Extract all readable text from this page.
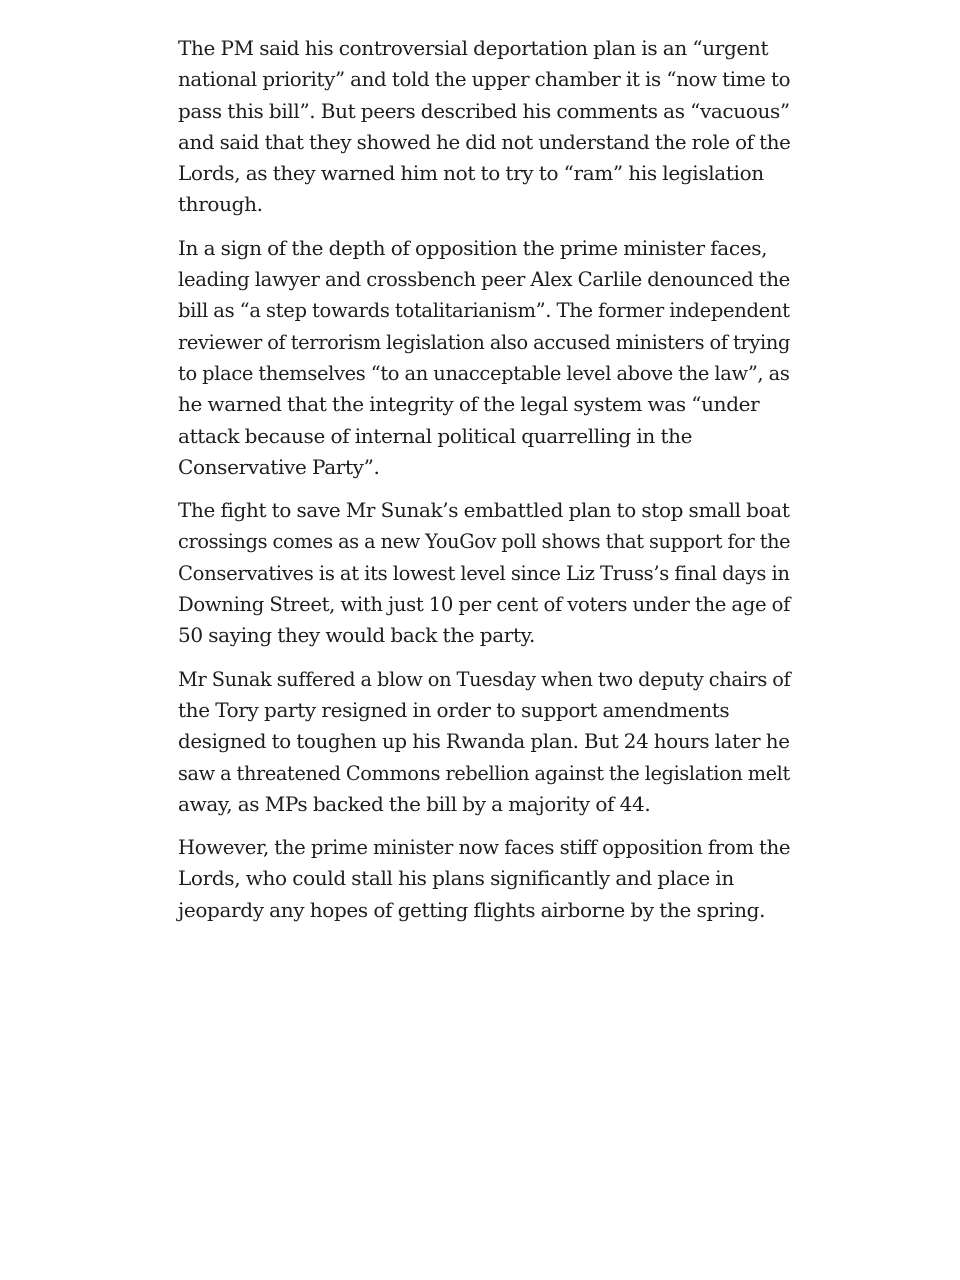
The PM said his controversial deportation plan is an “urgent
national priority” and told the upper chamber it is “now time to
pass this bill”. But peers described his comments as “vacuous”
and said that they showed he did not understand the role of the
Lords, as they warned him not to try to “ram” his legislation
through.

In a sign of the depth of opposition the prime minister faces,
leading lawyer and crossbench peer Alex Carlile denounced the
bill as “a step towards totalitarianism”. The former independent
reviewer of terrorism legislation also accused ministers of trying
to place themselves “to an unacceptable level above the law”, as
he warned that the integrity of the legal system was “under
attack because of internal political quarrelling in the
Conservative Party”.

The fight to save Mr Sunak’s embattled plan to stop small boat
crossings comes as a new YouGov poll shows that support for the
Conservatives is at its lowest level since Liz Truss’s final days in
Downing Street, with just 10 per cent of voters under the age of
50 saying they would back the party.

Mr Sunak suffered a blow on Tuesday when two deputy chairs of
the Tory party resigned in order to support amendments
designed to toughen up his Rwanda plan. But 24 hours later he
saw a threatened Commons rebellion against the legislation melt
away, as MPs backed the bill by a majority of 44.

However, the prime minister now faces stiff opposition from the
Lords, who could stall his plans significantly and place in
jeopardy any hopes of getting flights airborne by the spring.
